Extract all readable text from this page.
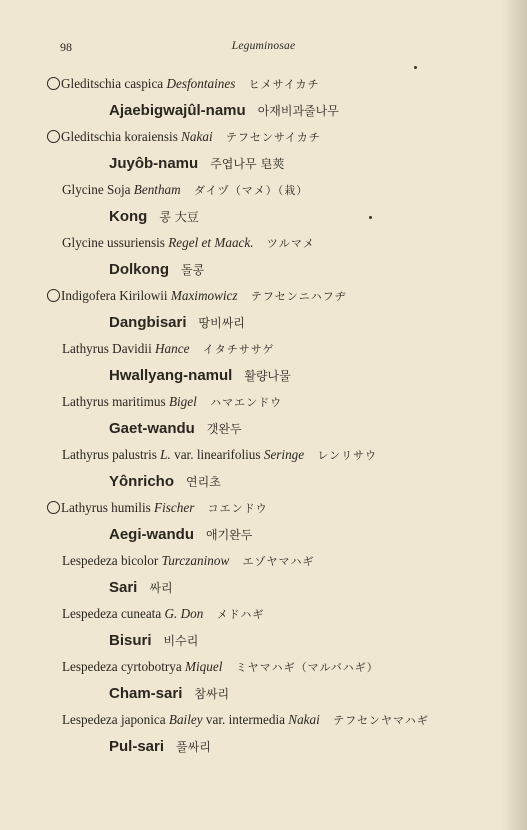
98	Leguminosae
Gleditschia caspica Desfontaines ヒメサイカチ
Ajaebigwajûl-namu 아재비과줄나무
Gleditschia koraiensis Nakai テフセンサイカチ
Juyôb-namu 주엽나무 皂莢
Glycine Soja Bentham ダイヅ（マメ）（栽）
Kong 콩 大豆
Glycine ussuriensis Regel et Maack. ツルマメ
Dolkong 돌콩
Indigofera Kirilowii Maximowicz テフセンニハフヂ
Dangbisari 땅비싸리
Lathyrus Davidii Hance イタチササゲ
Hwallyang-namul 활량나물
Lathyrus maritimus Bigel ハマエンドウ
Gaet-wandu 갯완두
Lathyrus palustris L. var. linearifolius Seringe レンリサウ
Yônricho 연리초
Lathyrus humilis Fischer コエンドウ
Aegi-wandu 애기완두
Lespedeza bicolor Turczaninow エゾヤマハギ
Sari 싸리
Lespedeza cuneata G. Don メドハギ
Bisuri 비수리
Lespedeza cyrtobotrya Miquel ミヤマハギ（マルバハギ）
Cham-sari 참싸리
Lespedeza japonica Bailey var. intermedia Nakai テフセンヤマハギ
Pul-sari 풀싸리
